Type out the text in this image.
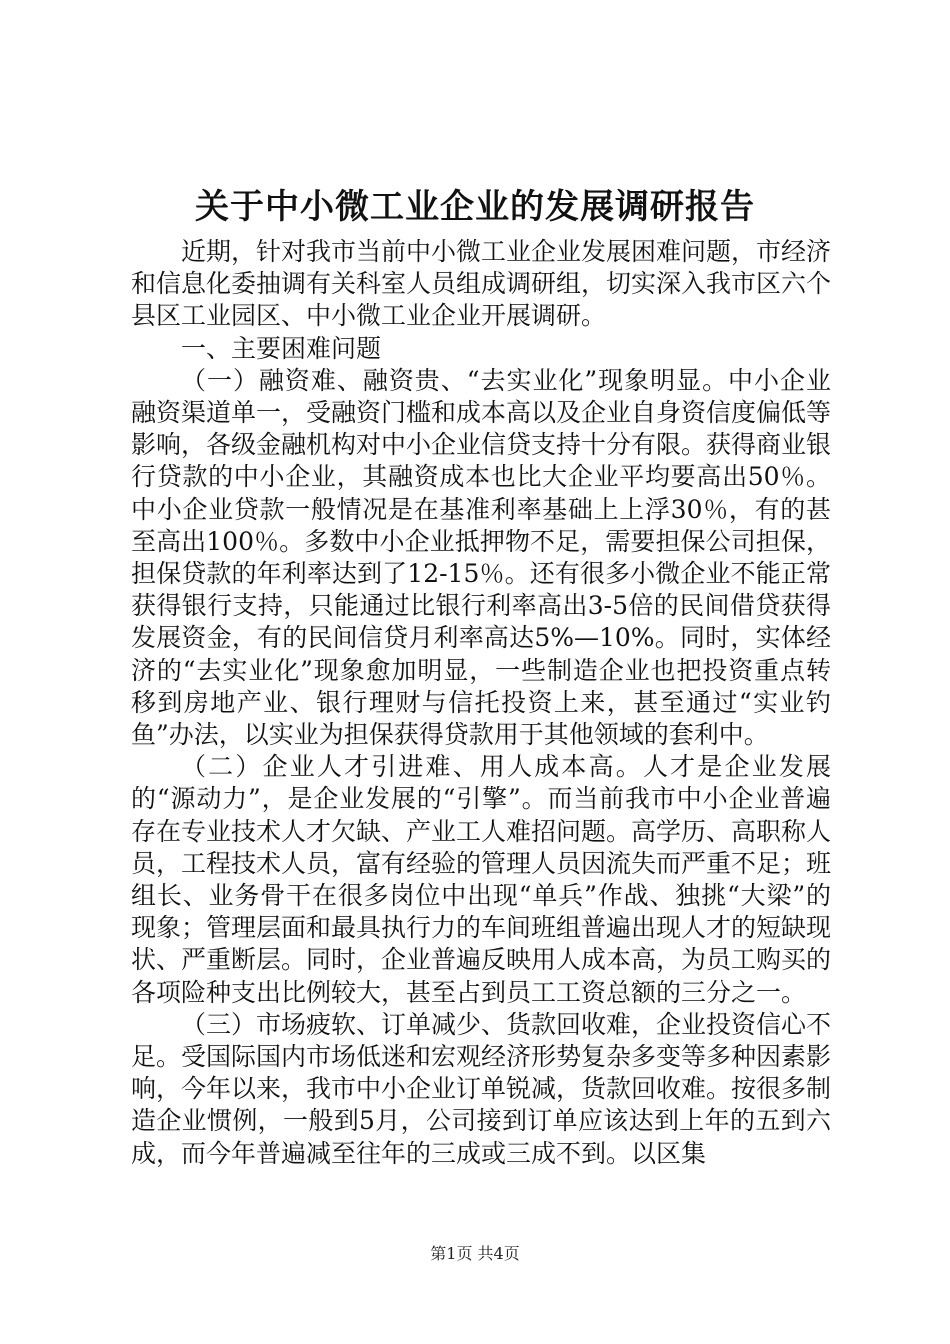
关于中小微工业企业的发展调研报告

近期，针对我市当前中小微工业企业发展困难问题，市经济和信息化委抽调有关科室人员组成调研组，切实深入我市区六个县区工业园区、中小微工业企业开展调研。

一、主要困难问题

（一）融资难、融资贵、“去实业化”现象明显。中小企业融资渠道单一，受融资门槛和成本高以及企业自身资信度偏低等影响，各级金融机构对中小企业信贷支持十分有限。获得商业银行贷款的中小企业，其融资成本也比大企业平均要高出50％。中小企业贷款一般情况是在基准利率基础上上浮30％，有的甚至高出100％。多数中小企业抵押物不足，需要担保公司担保，担保贷款的年利率达到了12-15％。还有很多小微企业不能正常获得银行支持，只能通过比银行利率高出3-5倍的民间借贷获得发展资金，有的民间信贷月利率高达5%—10%。同时，实体经济的“去实业化”现象愈加明显，一些制造企业也把投资重点转移到房地产业、银行理财与信托投资上来，甚至通过“实业钓鱼”办法，以实业为担保获得贷款用于其他领域的套利中。

（二）企业人才引进难、用人成本高。人才是企业发展的“源动力”，是企业发展的“引擎”。而当前我市中小企业普遍存在专业技术人才欠缺、产业工人难招问题。高学历、高职称人员，工程技术人员，富有经验的管理人员因流失而严重不足；班组长、业务骨干在很多岗位中出现“单兵”作战、独挑“大梁”的现象；管理层面和最具执行力的车间班组普遍出现人才的短缺现状、严重断层。同时，企业普遍反映用人成本高，为员工购买的各项险种支出比例较大，甚至占到员工工资总额的三分之一。

（三）市场疲软、订单减少、货款回收难，企业投资信心不足。受国际国内市场低迷和宏观经济形势复杂多变等多种因素影响，今年以来，我市中小企业订单锐减，货款回收难。按很多制造企业惯例，一般到5月，公司接到订单应该达到上年的五到六成，而今年普遍减至往年的三成或三成不到。以区集

第1页 共4页
